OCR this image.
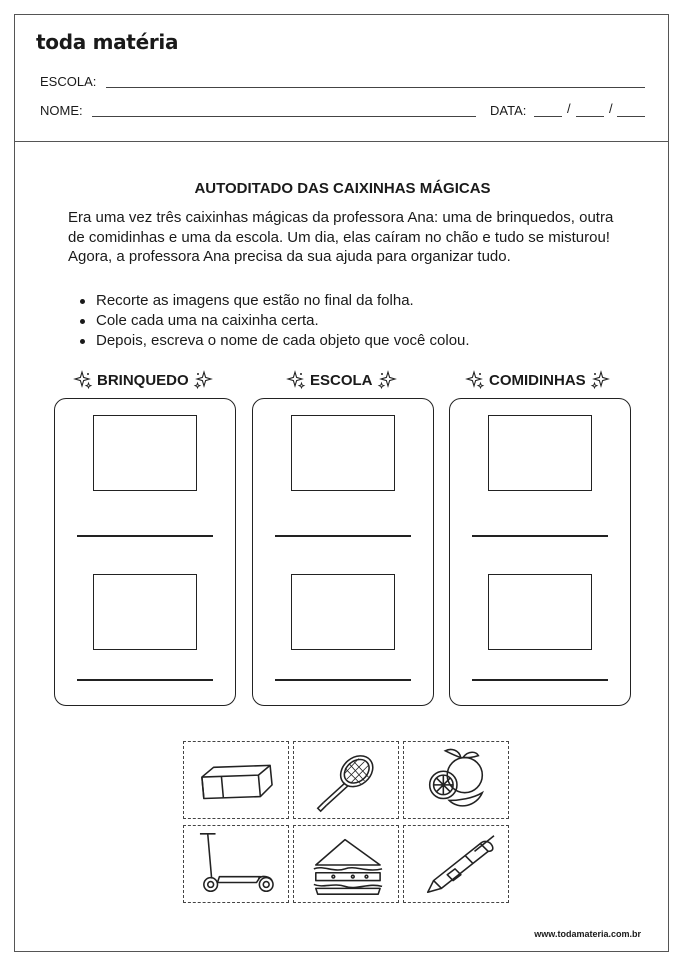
toda matéria
ESCOLA:
NOME:	DATA:	/	/
AUTODITADO DAS CAIXINHAS MÁGICAS
Era uma vez três caixinhas mágicas da professora Ana: uma de brinquedos, outra de comidinhas e uma da escola. Um dia, elas caíram no chão e tudo se misturou! Agora, a professora Ana precisa da sua ajuda para organizar tudo.
Recorte as imagens que estão no final da folha.
Cole cada uma na caixinha certa.
Depois, escreva o nome de cada objeto que você colou.
BRINQUEDO	ESCOLA	COMIDINHAS
www.todamateria.com.br
